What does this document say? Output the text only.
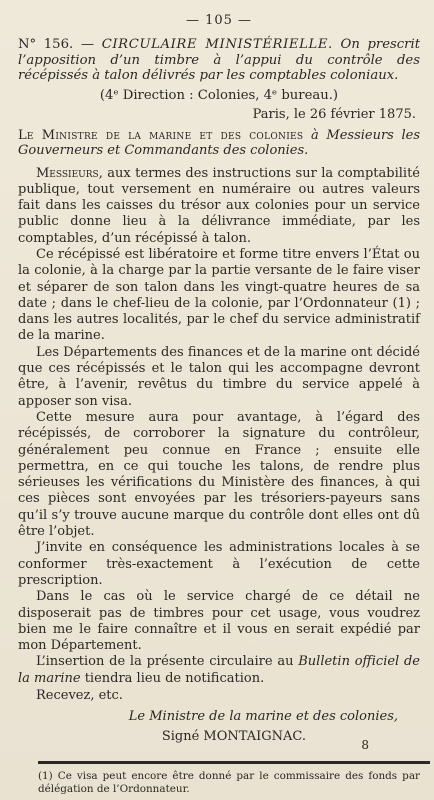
— 105 —
N° 156. — CIRCULAIRE MINISTÉRIELLE. On prescrit l’apposition d’un timbre à l’appui du contrôle des récépissés à talon délivrés par les comptables coloniaux.
(4ᵉ Direction : Colonies, 4ᵉ bureau.)
Paris, le 26 février 1875.
Le Ministre de la marine et des colonies à Messieurs les Gouverneurs et Commandants des colonies.

Messieurs, aux termes des instructions sur la comptabilité publique, tout versement en numéraire ou autres valeurs fait dans les caisses du trésor aux colonies pour un service public donne lieu à la délivrance immédiate, par les comptables, d’un récépissé à talon.

Ce récépissé est libératoire et forme titre envers l’État ou la colonie, à la charge par la partie versante de le faire viser et séparer de son talon dans les vingt-quatre heures de sa date ; dans le chef-lieu de la colonie, par l’Ordonnateur (1) ; dans les autres localités, par le chef du service administratif de la marine.

Les Départements des finances et de la marine ont décidé que ces récépissés et le talon qui les accompagne devront être, à l’avenir, revêtus du timbre du service appelé à apposer son visa.

Cette mesure aura pour avantage, à l’égard des récépissés, de corroborer la signature du contrôleur, généralement peu connue en France ; ensuite elle permettra, en ce qui touche les talons, de rendre plus sérieuses les vérifications du Ministère des finances, à qui ces pièces sont envoyées par les trésoriers-payeurs sans qu’il s’y trouve aucune marque du contrôle dont elles ont dû être l’objet.

J’invite en conséquence les administrations locales à se conformer très-exactement à l’exécution de cette prescription.

Dans le cas où le service chargé de ce détail ne disposerait pas de timbres pour cet usage, vous voudrez bien me le faire connaître et il vous en serait expédié par mon Département.

L’insertion de la présente circulaire au Bulletin officiel de la marine tiendra lieu de notification.

Recevez, etc.
Le Ministre de la marine et des colonies,
Signé MONTAIGNAC.
(1) Ce visa peut encore être donné par le commissaire des fonds par délégation de l’Ordonnateur.
8
